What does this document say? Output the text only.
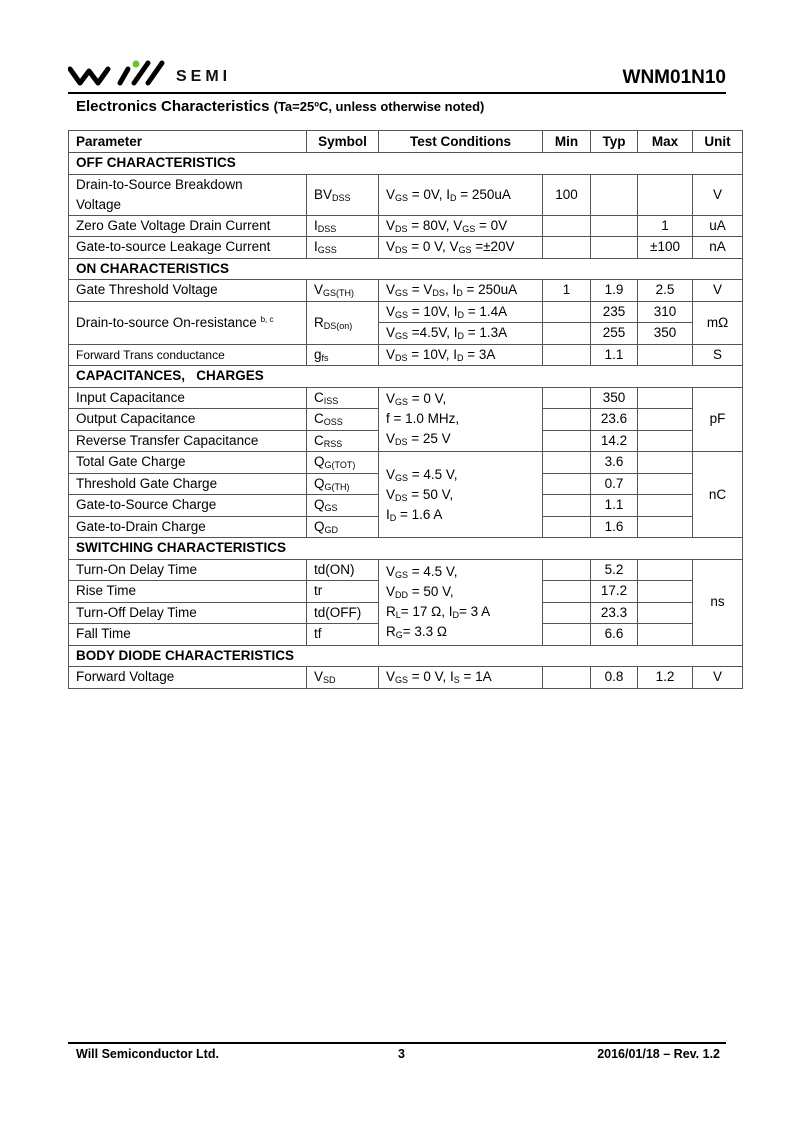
SEMI	WNM01N10
Electronics Characteristics (Ta=25ºC, unless otherwise noted)
Parameter	Symbol	Test Conditions	Min	Typ	Max	Unit
OFF CHARACTERISTICS						

Drain-to-Source Breakdown
Voltage	$BV_{DSS}$	$V_{GS} = 0V$, $I_D = 250uA$	100			V
Zero Gate Voltage Drain Current	$I_{DSS}$	$V_{DS} = 80V$, $V_{GS} = 0V$			1	uA
Gate-to-source Leakage Current	$I_{GSS}$	$V_{DS} = 0$ V, $V_{GS} =\pm 20V$			±100	nA
ON CHARACTERISTICS						
Gate Threshold Voltage	$V_{GS(TH)}$	$V_{GS} = V_{DS}$, $I_D = 250uA$	1	1.9	2.5	V
Drain-to-source On-resistance $^{b, c}$	$R_{DS(on)}$	$V_{GS} = 10V$, $I_D = 1.4A$		235	310	mΩ
		$V_{GS} =4.5V$, $I_D = 1.3A$		255	350	
Forward Trans conductance	$g_{fs}$	$V_{DS} = 10V$, $I_D = 3A$		1.1		S
CAPACITANCES,   CHARGES						
Input Capacitance	$C_{ISS}$	$V_{GS} = 0$ V,
f = 1.0 MHz,
$V_{DS} = 25$ V		350		pF
Output Capacitance	$C_{OSS}$			23.6		
Reverse Transfer Capacitance	$C_{RSS}$			14.2		
Total Gate Charge	$Q_{G(TOT)}$	$V_{GS} = 4.5$ V,
$V_{DS} = 50$ V,
$I_D = 1.6$ A		3.6		nC
Threshold Gate Charge	$Q_{G(TH)}$			0.7		
Gate-to-Source Charge	$Q_{GS}$			1.1		
Gate-to-Drain Charge	$Q_{GD}$			1.6		
SWITCHING CHARACTERISTICS						
Turn-On Delay Time	td(ON)	$V_{GS} = 4.5$ V,
$V_{DD} = 50$ V,
$R_L= 17$ Ω, $I_D= 3$ A
$R_G= 3.3$ Ω		5.2		ns
Rise Time	tr			17.2		
Turn-Off Delay Time	td(OFF)			23.3		
Fall Time	tf			6.6		
BODY DIODE CHARACTERISTICS						
Forward Voltage	$V_{SD}$	$V_{GS} = 0$ V, $I_S = 1A$		0.8	1.2	V
Will Semiconductor Ltd.	3	2016/01/18 – Rev. 1.2
